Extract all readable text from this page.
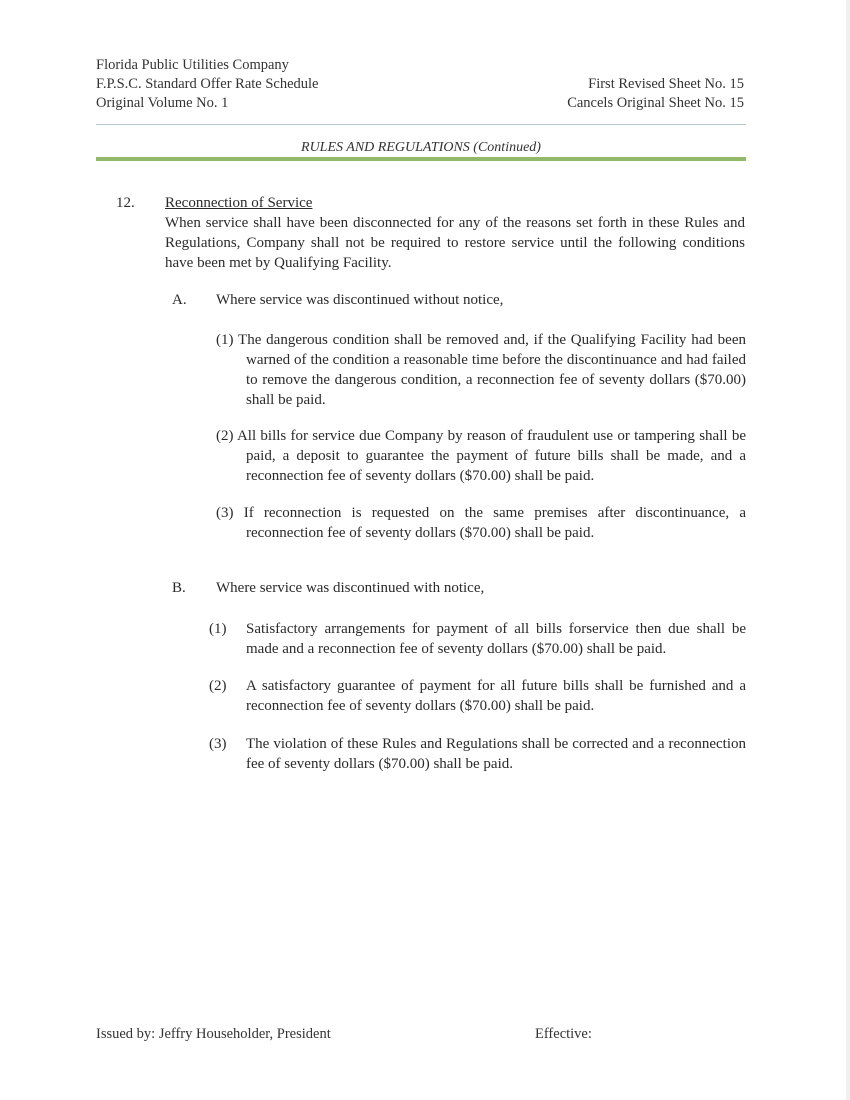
Florida Public Utilities Company
F.P.S.C. Standard Offer Rate Schedule
Original Volume No. 1
First Revised Sheet No. 15
Cancels Original Sheet No. 15
RULES AND REGULATIONS (Continued)
12. Reconnection of Service
When service shall have been disconnected for any of the reasons set forth in these Rules and Regulations, Company shall not be required to restore service until the following conditions have been met by Qualifying Facility.
A. Where service was discontinued without notice,
(1) The dangerous condition shall be removed and, if the Qualifying Facility had been warned of the condition a reasonable time before the discontinuance and had failed to remove the dangerous condition, a reconnection fee of seventy dollars ($70.00) shall be paid.
(2) All bills for service due Company by reason of fraudulent use or tampering shall be paid, a deposit to guarantee the payment of future bills shall be made, and a reconnection fee of seventy dollars ($70.00) shall be paid.
(3) If reconnection is requested on the same premises after discontinuance, a reconnection fee of seventy dollars ($70.00) shall be paid.
B. Where service was discontinued with notice,
(1) Satisfactory arrangements for payment of all bills forservice then due shall be made and a reconnection fee of seventy dollars ($70.00) shall be paid.
(2) A satisfactory guarantee of payment for all future bills shall be furnished and a reconnection fee of seventy dollars ($70.00) shall be paid.
(3) The violation of these Rules and Regulations shall be corrected and a reconnection fee of seventy dollars ($70.00) shall be paid.
Issued by: Jeffry Householder, President	Effective:
